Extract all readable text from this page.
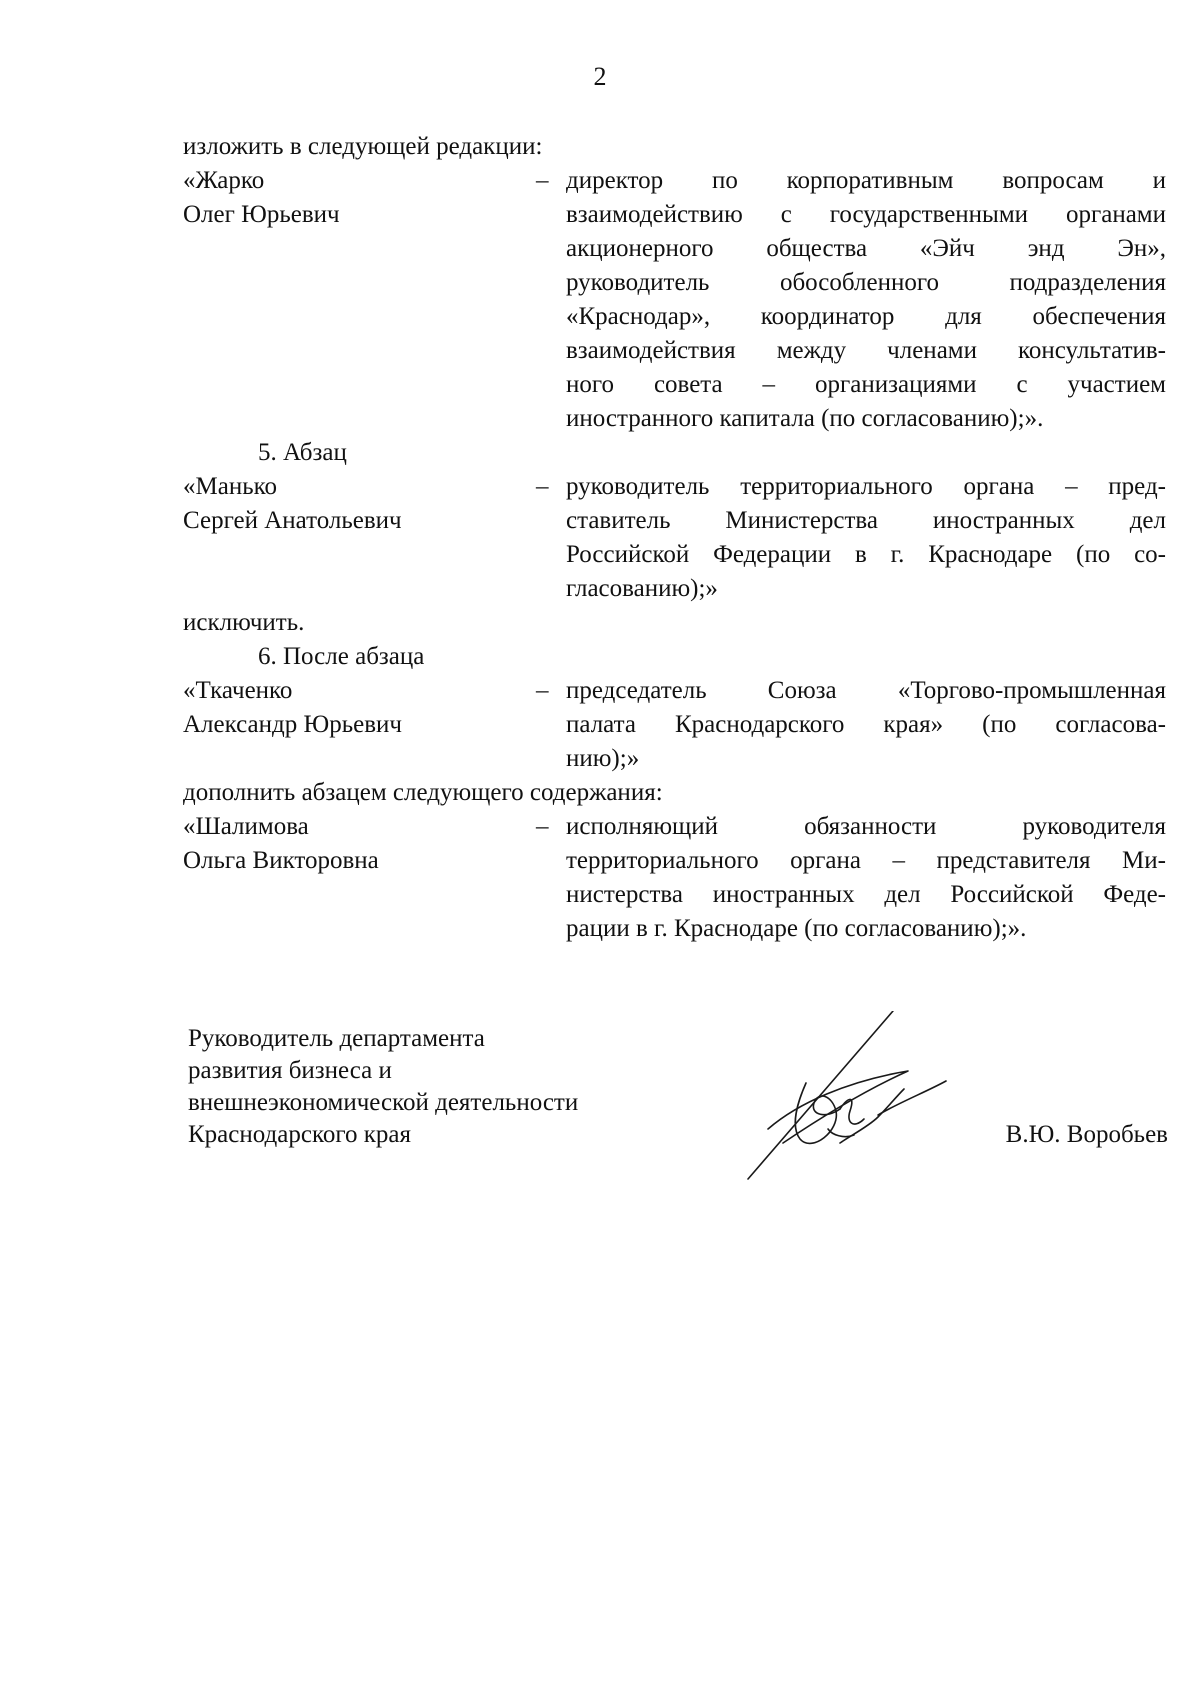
2
изложить в следующей редакции:
«Жарко
Олег Юрьевич
– директор по корпоративным вопросам и
взаимодействию с государственными органами
акционерного общества «Эйч энд Эн»,
руководитель обособленного подразделения
«Краснодар», координатор для обеспечения
взаимодействия между членами консультатив-
ного совета – организациями с участием
иностранного капитала (по согласованию);».
5. Абзац
«Манько
Сергей Анатольевич
– руководитель территориального органа – пред-
ставитель Министерства иностранных дел
Российской Федерации в г. Краснодаре (по со-
гласованию);»
исключить.
6. После абзаца
«Ткаченко
Александр Юрьевич
– председатель Союза «Торгово-промышленная
палата Краснодарского края» (по согласова-
нию);»
дополнить абзацем следующего содержания:
«Шалимова
Ольга Викторовна
– исполняющий обязанности руководителя
территориального органа – представителя Ми-
нистерства иностранных дел Российской Феде-
рации в г. Краснодаре (по согласованию);».
Руководитель департамента
развития бизнеса и
внешнеэкономической деятельности
Краснодарского края	В.Ю. Воробьев
